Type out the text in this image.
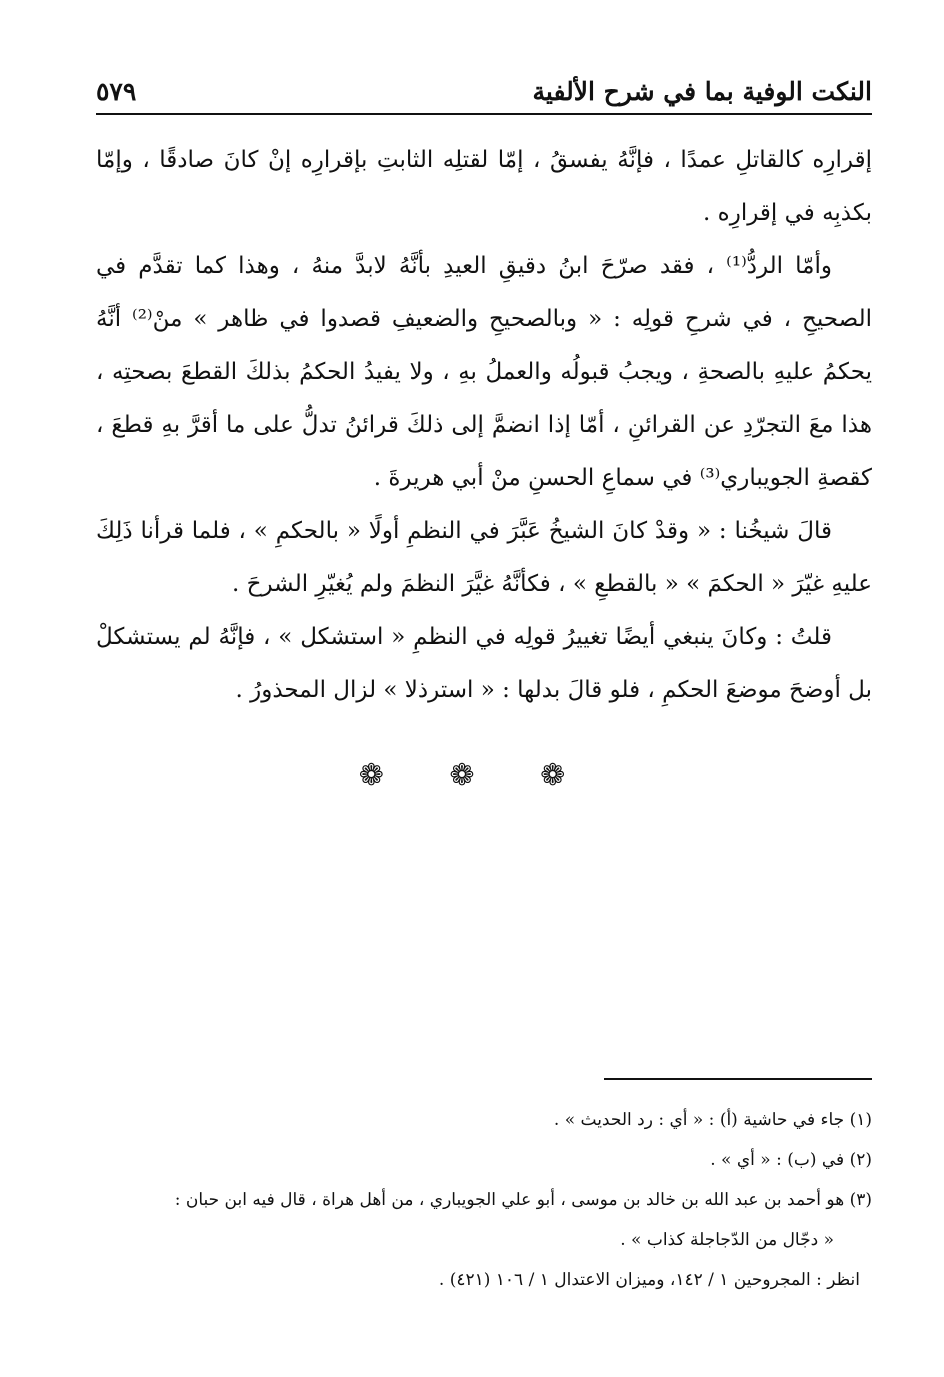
النكت الوفية بما في شرح الألفية
٥٧٩

إقرارِه كالقاتلِ عمدًا ، فإنَّهُ يفسقُ ، إمّا لقتلِه الثابتِ بإقرارِه إنْ كانَ صادقًا ، وإمّا بكذبِه في إقرارِه .

وأمّا الردُّ⁽¹⁾ ، فقد صرّحَ ابنُ دقيقِ العيدِ بأنَّهُ لابدَّ منهُ ، وهذا كما تقدَّم في الصحيحِ ، في شرحِ قولِه : « وبالصحيحِ والضعيفِ قصدوا في ظاهر » منْ⁽²⁾ أنَّهُ يحكمُ عليهِ بالصحةِ ، ويجبُ قبولُه والعملُ بهِ ، ولا يفيدُ الحكمُ بذلكَ القطعَ بصحتِه ، هذا معَ التجرّدِ عن القرائنِ ، أمّا إذا انضمَّ إلى ذلكَ قرائنُ تدلُّ على ما أقرَّ بهِ قطعَ ، كقصةِ الجويباري⁽³⁾ في سماعِ الحسنِ منْ أبي هريرةَ .

قالَ شيخُنا : « وقدْ كانَ الشيخُ عَبَّرَ في النظمِ أولًا « بالحكمِ » ، فلما قرأنا ذَلِكَ عليهِ غيّرَ « الحكمَ » « بالقطعِ » ، فكأنَّهُ غيَّرَ النظمَ ولم يُغيّرِ الشرحَ .

قلتُ : وكانَ ينبغي أيضًا تغييرُ قولِه في النظمِ « استشكل » ، فإنَّهُ لم يستشكلْ بل أوضحَ موضعَ الحكمِ ، فلو قالَ بدلها : « استرذلا » لزال المحذورُ .

❁ ❁ ❁

(١) جاء في حاشية (أ) : « أي : رد الحديث » .

(٢) في (ب) : « أي » .

(٣) هو أحمد بن عبد الله بن خالد بن موسى ، أبو علي الجويباري ، من أهل هراة ، قال فيه ابن حبان :

« دجّال من الدّجاجلة كذاب » .

انظر : المجروحين ١ / ١٤٢، وميزان الاعتدال ١ / ١٠٦ (٤٢١) .
